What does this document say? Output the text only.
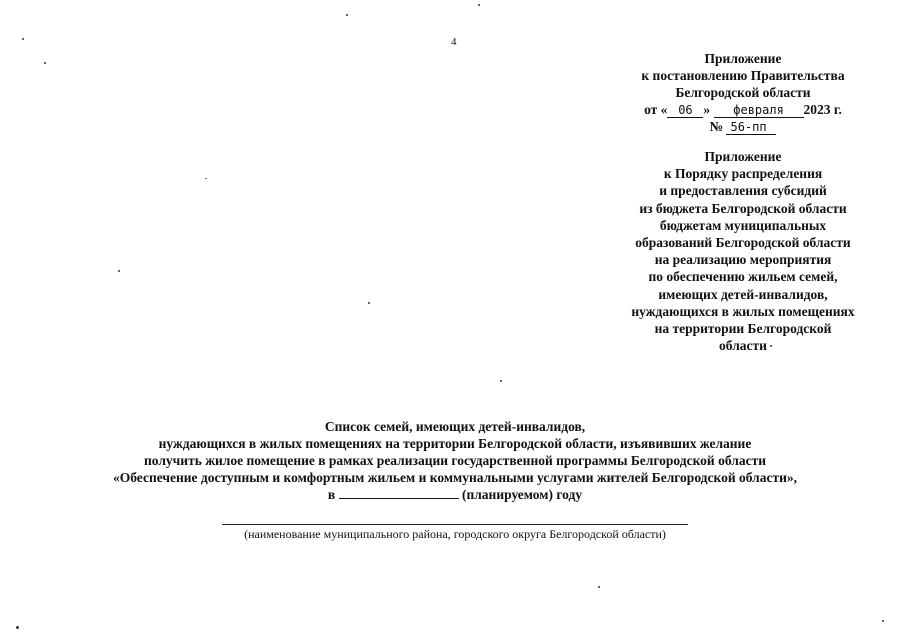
4
Приложение
к постановлению Правительства
Белгородской области
от « 06 » февраля 2023 г.
№ 56-пп
Приложение
к Порядку распределения
и предоставления субсидий
из бюджета Белгородской области
бюджетам муниципальных
образований Белгородской области
на реализацию мероприятия
по обеспечению жильем семей,
имеющих детей-инвалидов,
нуждающихся в жилых помещениях
на территории Белгородской
области
Список семей, имеющих детей-инвалидов,
нуждающихся в жилых помещениях на территории Белгородской области, изъявивших желание
получить жилое помещение в рамках реализации государственной программы Белгородской области
«Обеспечение доступным и комфортным жильем и коммунальными услугами жителей Белгородской области»,
в	(планируемом) году
(наименование муниципального района, городского округа Белгородской области)
